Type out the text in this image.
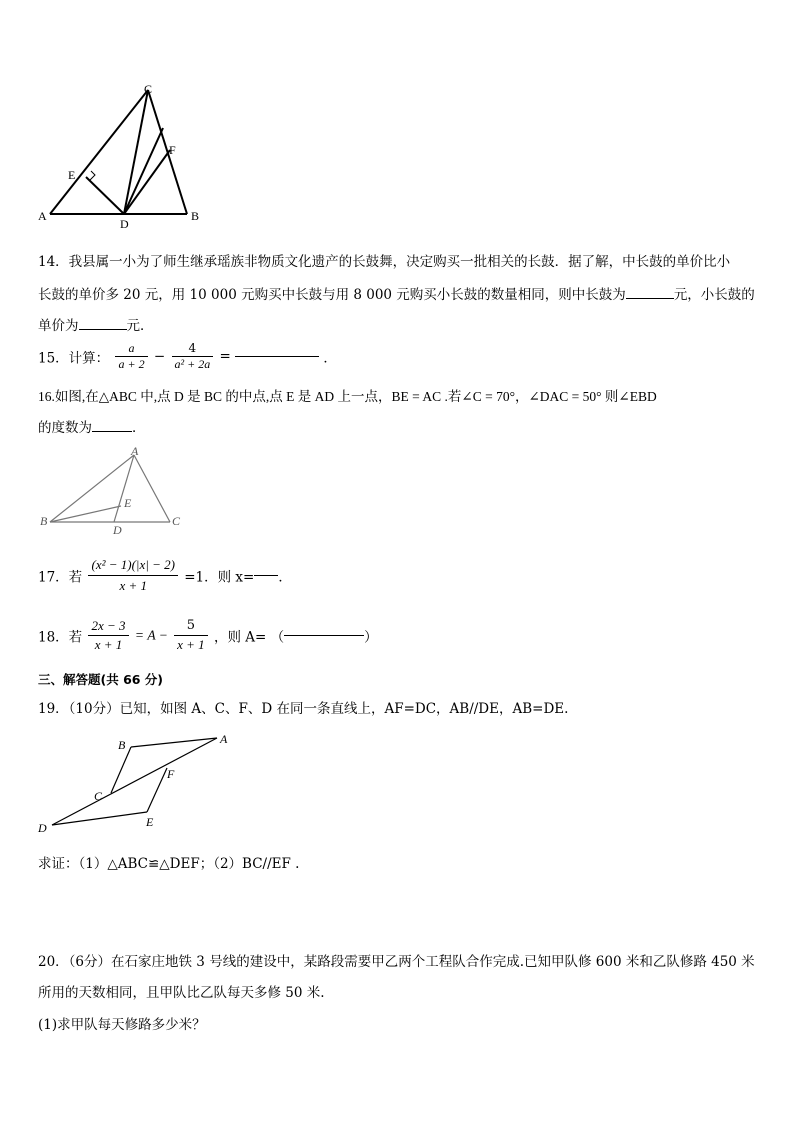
C
F
E
A
D
B
14．我县属一小为了师生继承瑶族非物质文化遗产的长鼓舞，决定购买一批相关的长鼓．据了解，中长鼓的单价比小
长鼓的单价多 20 元，用 10 000 元购买中长鼓与用 8 000 元购买小长鼓的数量相同，则中长鼓为	元，小长鼓的
单价为	元．
15．计算： $\frac{a}{a + 2} - \frac{4}{\text{a² + 2a}}$ =	．
16.如图,在△ABC 中,点 D 是 BC 的中点,点 E 是 AD 上一点，BE = AC .若∠C = 70°，∠DAC = 50° 则∠EBD
的度数为	．
A
E
B
D
C
17．若 $\frac{\text{(x² − 1)(|x| − 2)}}{x + 1} =1$．则 x= ．
18．若 $\frac{2x - 3}{x + 1} = A - \frac{5}{x + 1}$ ，则 A= （	）
三、解答题(共 66 分)
19．（10分）已知，如图 A、C、F、D 在同一条直线上，AF=DC，AB//DE，AB=DE.
B	A
F
C
E
D
求证：（1）△ABC≌△DEF；（2）BC//EF .
20．（6分）在石家庄地铁 3 号线的建设中，某路段需要甲乙两个工程队合作完成.已知甲队修 600 米和乙队修路 450 米
所用的天数相同，且甲队比乙队每天多修 50 米.
(1)求甲队每天修路多少米？
